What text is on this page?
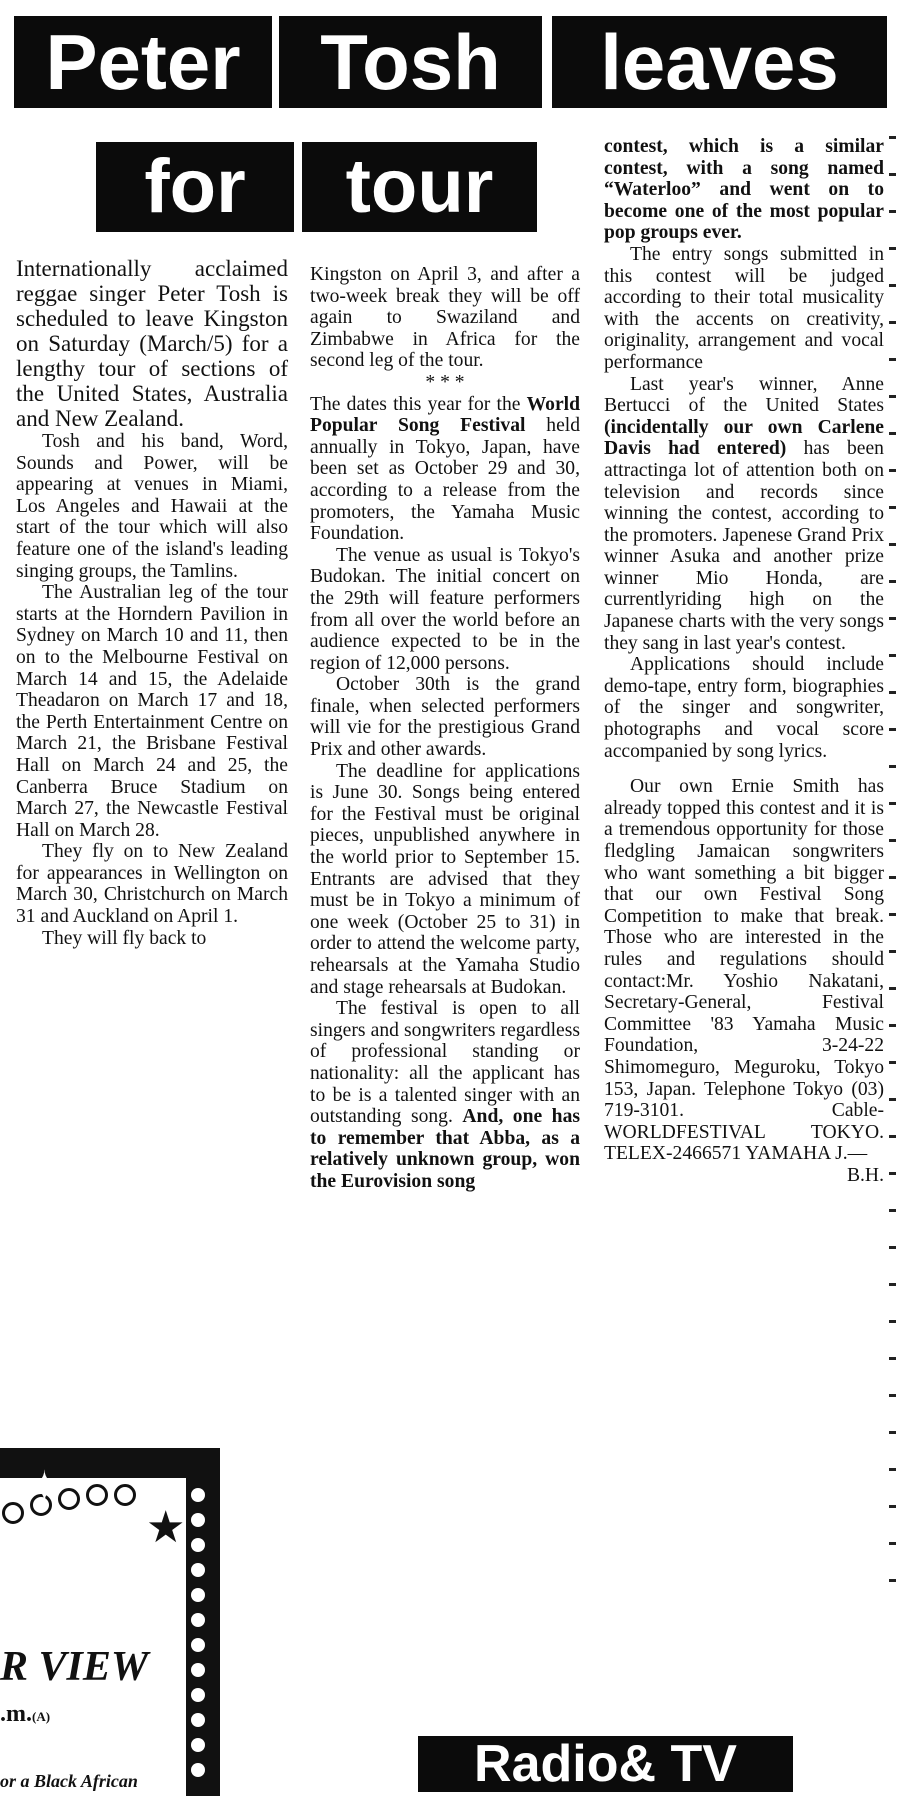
Peter	Tosh	leaves
for	tour

Internationally acclaimed reggae singer Peter Tosh is scheduled to leave Kingston on Saturday (March/5) for a lengthy tour of sections of the United States, Australia and New Zealand.

Tosh and his band, Word, Sounds and Power, will be appearing at venues in Miami, Los Angeles and Hawaii at the start of the tour which will also feature one of the island's leading singing groups, the Tamlins.

The Australian leg of the tour starts at the Horndern Pavilion in Sydney on March 10 and 11, then on to the Melbourne Festival on March 14 and 15, the Adelaide Theadaron on March 17 and 18, the Perth Entertainment Centre on March 21, the Brisbane Festival Hall on March 24 and 25, the Canberra Bruce Stadium on March 27, the Newcastle Festival Hall on March 28.

They fly on to New Zealand for appearances in Wellington on March 30, Christchurch on March 31 and Auckland on April 1.

They will fly back to

Kingston on April 3, and after a two-week break they will be off again to Swaziland and Zimbabwe in Africa for the second leg of the tour.

* * *

The dates this year for the World Popular Song Festival held annually in Tokyo, Japan, have been set as October 29 and 30, according to a release from the promoters, the Yamaha Music Foundation.

The venue as usual is Tokyo's Budokan. The initial concert on the 29th will feature performers from all over the world before an audience expected to be in the region of 12,000 persons.

October 30th is the grand finale, when selected performers will vie for the prestigious Grand Prix and other awards.

The deadline for applications is June 30. Songs being entered for the Festival must be original pieces, unpublished anywhere in the world prior to September 15. Entrants are advised that they must be in Tokyo a minimum of one week (October 25 to 31) in order to attend the welcome party, rehearsals at the Yamaha Studio and stage rehearsals at Budokan.

The festival is open to all singers and songwriters regardless of professional standing or nationality: all the applicant has to be is a talented singer with an outstanding song. And, one has to remember that Abba, as a relatively unknown group, won the Eurovision song

contest, which is a similar contest, with a song named “Waterloo” and went on to become one of the most popular pop groups ever.

The entry songs submitted in this contest will be judged according to their total musicality with the accents on creativity, originality, arrangement and vocal performance

Last year's winner, Anne Bertucci of the United States (incidentally our own Carlene Davis had entered) has been attractinga lot of attention both on television and records since winning the contest, according to the promoters. Japenese Grand Prix winner Asuka and another prize winner Mio Honda, are currentlyriding high on the Japanese charts with the very songs they sang in last year's contest.

Applications should include demo-tape, entry form, biographies of the singer and songwriter, photographs and vocal score accompanied by song lyrics.

Our own Ernie Smith has already topped this contest and it is a tremendous opportunity for those fledgling Jamaican songwriters who want something a bit bigger that our own Festival Song Competition to make that break. Those who are interested in the rules and regulations should contact:Mr. Yoshio Nakatani, Secretary-General, Festival Committee '83 Yamaha Music Foundation, 3-24-22 Shimomeguro, Meguroku, Tokyo 153, Japan. Telephone Tokyo (03) 719-3101. Cable-WORLDFESTIVAL TOKYO. TELEX-2466571 YAMAHA J.—

B.H.

✦
★
R VIEW
.m.(A)
or a Black African	Radio& TV
